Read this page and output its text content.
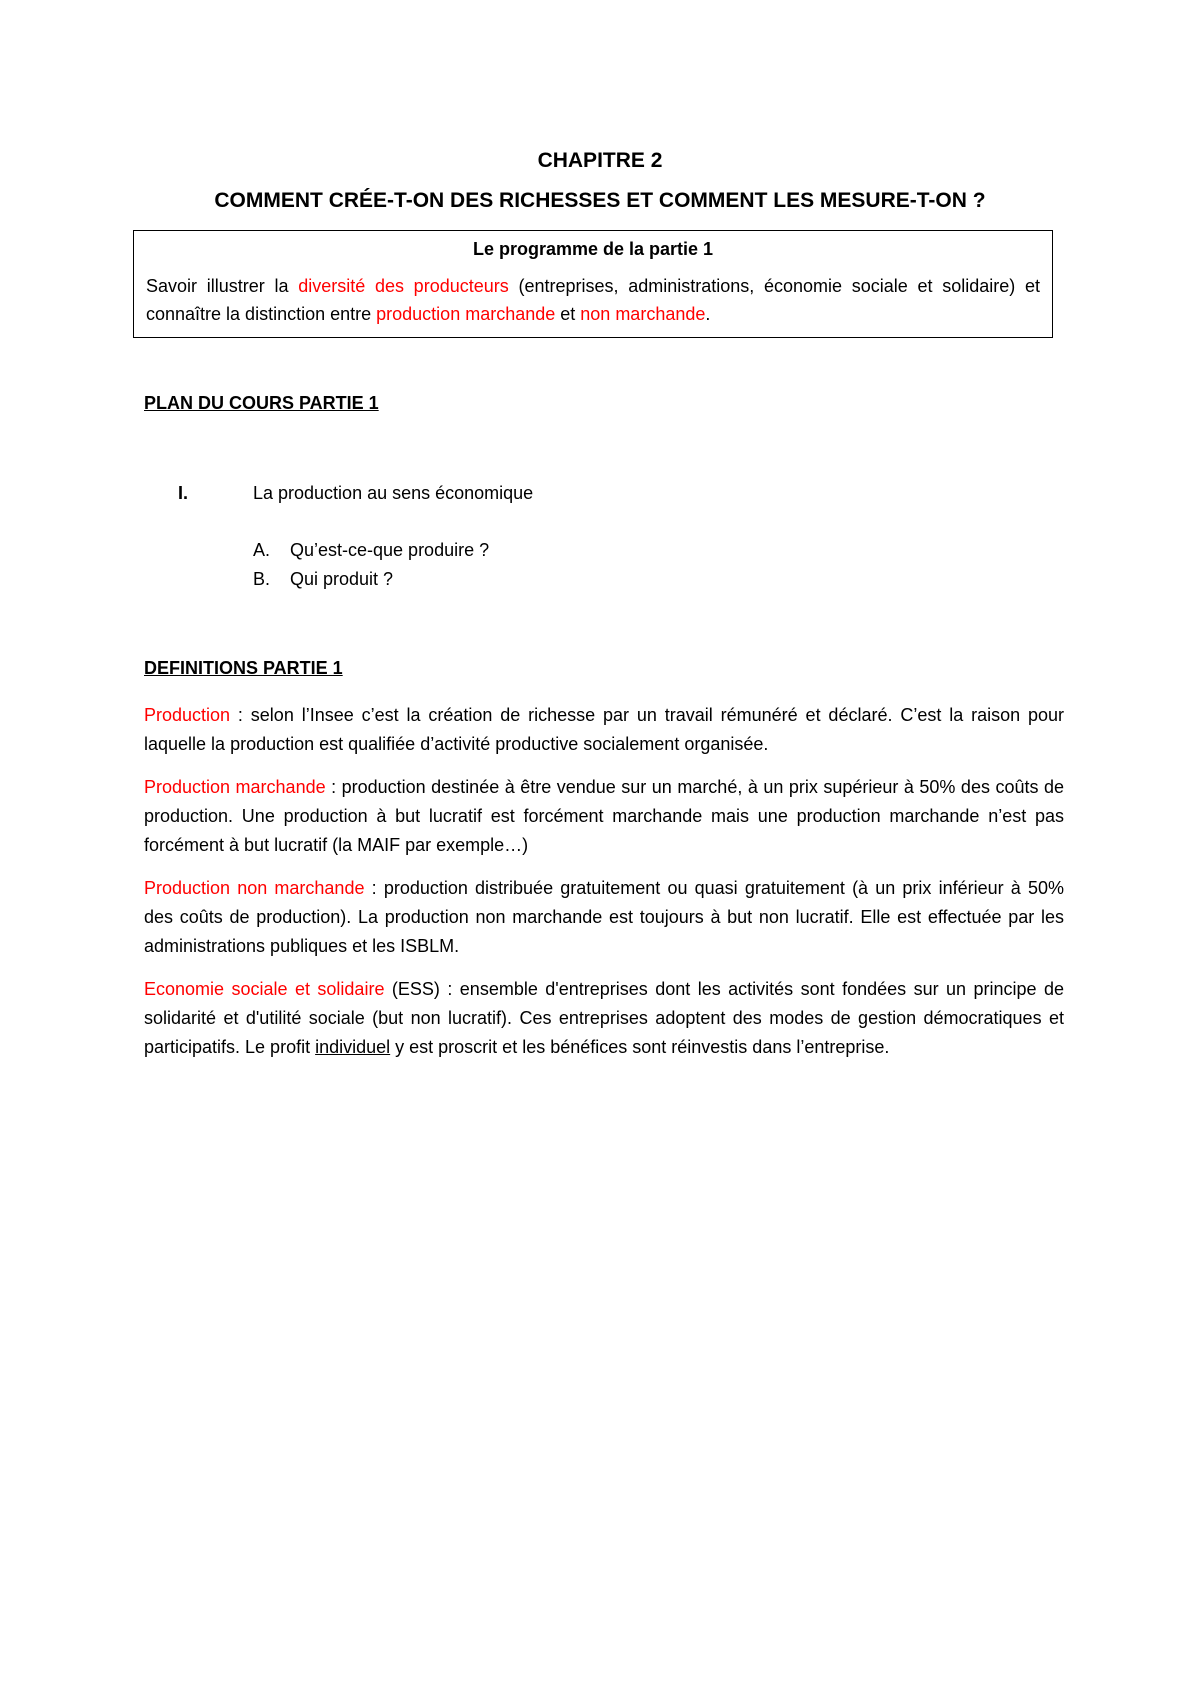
CHAPITRE 2
COMMENT CRÉE-T-ON DES RICHESSES ET COMMENT LES MESURE-T-ON ?
Le programme de la partie 1
Savoir illustrer la diversité des producteurs (entreprises, administrations, économie sociale et solidaire) et connaître la distinction entre production marchande et non marchande.
PLAN DU COURS PARTIE 1
I.	La production au sens économique
A. Qu’est-ce-que produire ?
B. Qui produit ?
DEFINITIONS PARTIE 1

Production : selon l’Insee c’est la création de richesse par un travail rémunéré et déclaré. C’est la raison pour laquelle la production est qualifiée d’activité productive socialement organisée.

Production marchande : production destinée à être vendue sur un marché, à un prix supérieur à 50% des coûts de production. Une production à but lucratif est forcément marchande mais une production marchande n’est pas forcément à but lucratif (la MAIF par exemple…)

Production non marchande : production distribuée gratuitement ou quasi gratuitement (à un prix inférieur à 50% des coûts de production). La production non marchande est toujours à but non lucratif. Elle est effectuée par les administrations publiques et les ISBLM.

Economie sociale et solidaire (ESS) : ensemble d'entreprises dont les activités sont fondées sur un principe de solidarité et d'utilité sociale (but non lucratif). Ces entreprises adoptent des modes de gestion démocratiques et participatifs. Le profit individuel y est proscrit et les bénéfices sont réinvestis dans l’entreprise.
